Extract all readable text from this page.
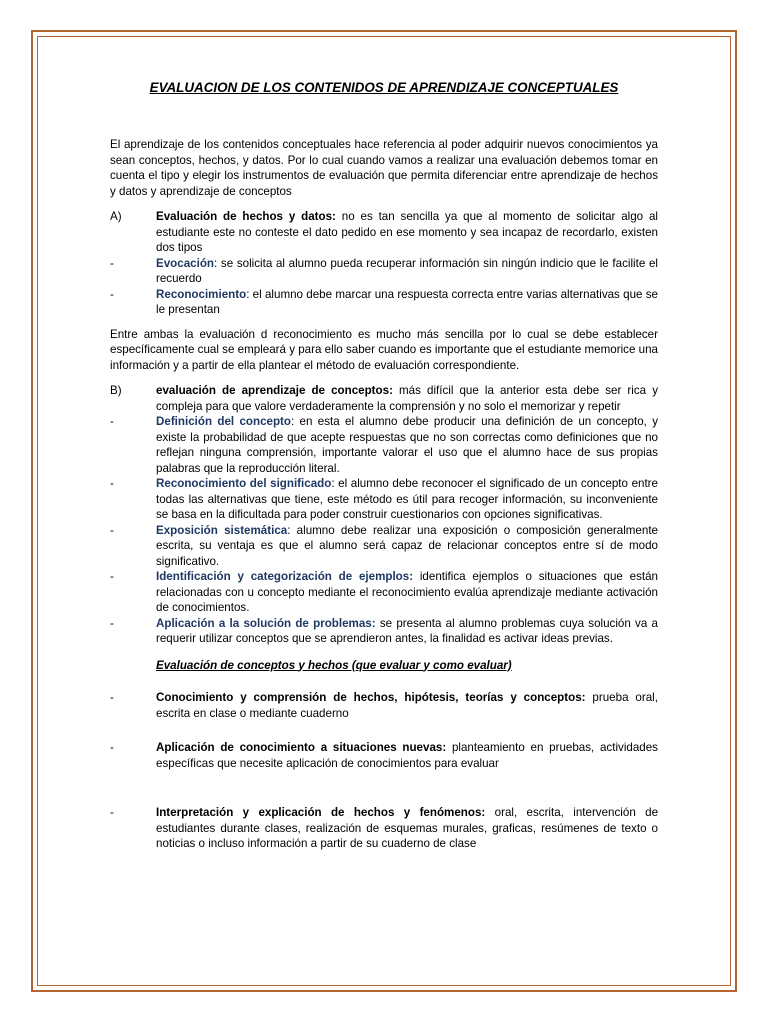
EVALUACION DE LOS CONTENIDOS DE APRENDIZAJE CONCEPTUALES

El aprendizaje de los contenidos conceptuales hace referencia al poder adquirir nuevos conocimientos ya sean conceptos, hechos, y datos. Por lo cual cuando vamos a realizar una evaluación debemos tomar en cuenta el tipo y elegir los instrumentos de evaluación que permita diferenciar entre aprendizaje de hechos y datos y aprendizaje de conceptos

A)	Evaluación de hechos y datos: no es tan sencilla ya que al momento de solicitar algo al estudiante este no conteste el dato pedido en ese momento y sea incapaz de recordarlo, existen dos tipos
-	Evocación: se solicita al alumno pueda recuperar información sin ningún indicio que le facilite el recuerdo
-	Reconocimiento: el alumno debe marcar una respuesta correcta entre varias alternativas que se le presentan

Entre ambas la evaluación d reconocimiento es mucho más sencilla por lo cual se debe establecer específicamente cual se empleará y para ello saber cuando es importante que el estudiante memorice una información y a partir de ella plantear el método de evaluación correspondiente.

B)	evaluación de aprendizaje de conceptos: más difícil que la anterior esta debe ser rica y compleja para que valore verdaderamente la comprensión y no solo el memorizar y repetir
-	Definición del concepto: en esta el alumno debe producir una definición de un concepto, y existe la probabilidad de que acepte respuestas que no son correctas como definiciones que no reflejan ninguna comprensión, importante valorar el uso que el alumno hace de sus propias palabras que la reproducción literal.
-	Reconocimiento del significado: el alumno debe reconocer el significado de un concepto entre todas las alternativas que tiene, este método es útil para recoger información, su inconveniente se basa en la dificultada para poder construir cuestionarios con opciones significativas.
-	Exposición sistemática: alumno debe realizar una exposición o composición generalmente escrita, su ventaja es que el alumno será capaz de relacionar conceptos entre sí de modo significativo.
-	Identificación y categorización de ejemplos: identifica ejemplos o situaciones que están relacionadas con u concepto mediante el reconocimiento evalúa aprendizaje mediante activación de conocimientos.
-	Aplicación a la solución de problemas: se presenta al alumno problemas cuya solución va a requerir utilizar conceptos que se aprendieron antes, la finalidad es activar ideas previas.
Evaluación de conceptos y hechos (que evaluar y como evaluar)
-	Conocimiento y comprensión de hechos, hipótesis, teorías y conceptos: prueba oral, escrita en clase o mediante cuaderno
-	Aplicación de conocimiento a situaciones nuevas: planteamiento en pruebas, actividades específicas que necesite aplicación de conocimientos para evaluar
-	Interpretación y explicación de hechos y fenómenos: oral, escrita, intervención de estudiantes durante clases, realización de esquemas murales, graficas, resúmenes de texto o noticias o incluso información a partir de su cuaderno de clase
